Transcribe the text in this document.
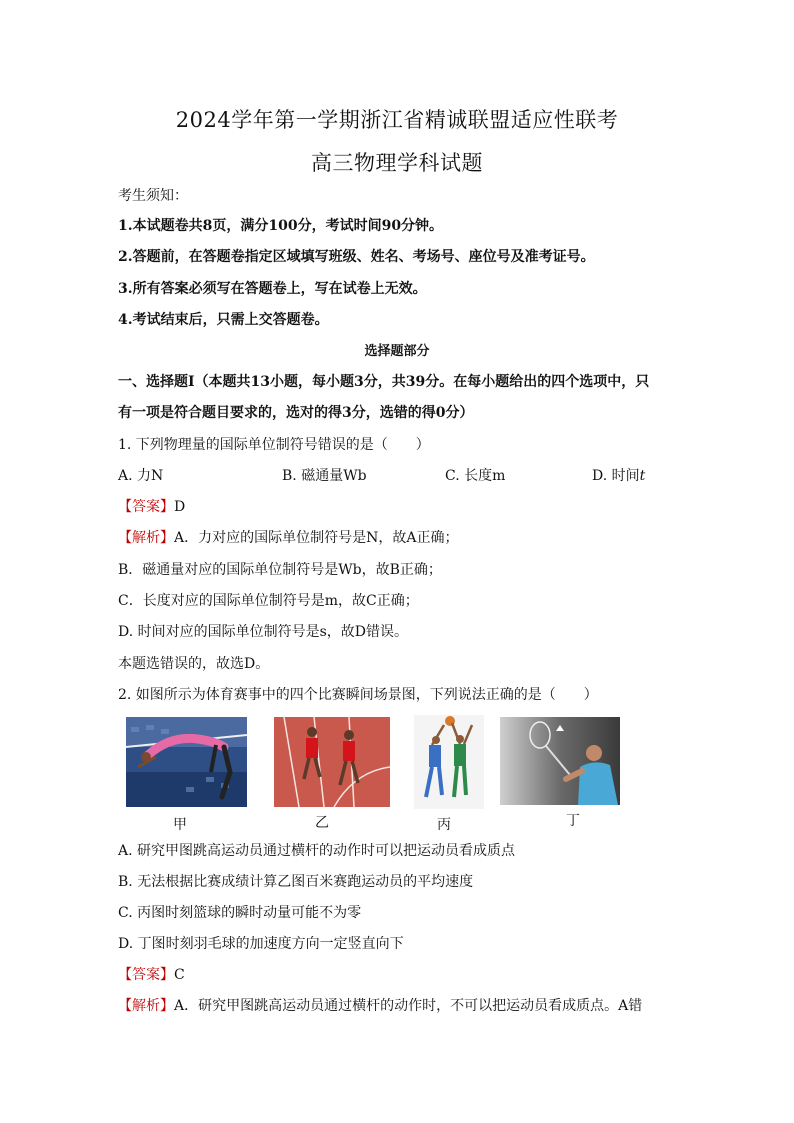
2024学年第一学期浙江省精诚联盟适应性联考
高三物理学科试题
考生须知：
1.本试题卷共8页，满分100分，考试时间90分钟。
2.答题前，在答题卷指定区域填写班级、姓名、考场号、座位号及准考证号。
3.所有答案必须写在答题卷上，写在试卷上无效。
4.考试结束后，只需上交答题卷。
选择题部分
一、选择题Ⅰ（本题共13小题，每小题3分，共39分。在每小题给出的四个选项中，只
有一项是符合题目要求的，选对的得3分，选错的得0分）
1. 下列物理量的国际单位制符号错误的是（　　）
A. 力N	B. 磁通量Wb	C. 长度m	D. 时间t
【答案】D
【解析】A．力对应的国际单位制符号是N，故A正确；
B．磁通量对应的国际单位制符号是Wb，故B正确；
C．长度对应的国际单位制符号是m，故C正确；
D. 时间对应的国际单位制符号是s，故D错误。
本题选错误的，故选D。
2. 如图所示为体育赛事中的四个比赛瞬间场景图，下列说法正确的是（　　）
甲	乙	丙	丁
A. 研究甲图跳高运动员通过横杆的动作时可以把运动员看成质点
B. 无法根据比赛成绩计算乙图百米赛跑运动员的平均速度
C. 丙图时刻篮球的瞬时动量可能不为零
D. 丁图时刻羽毛球的加速度方向一定竖直向下
【答案】C
【解析】A．研究甲图跳高运动员通过横杆的动作时，不可以把运动员看成质点。A错
